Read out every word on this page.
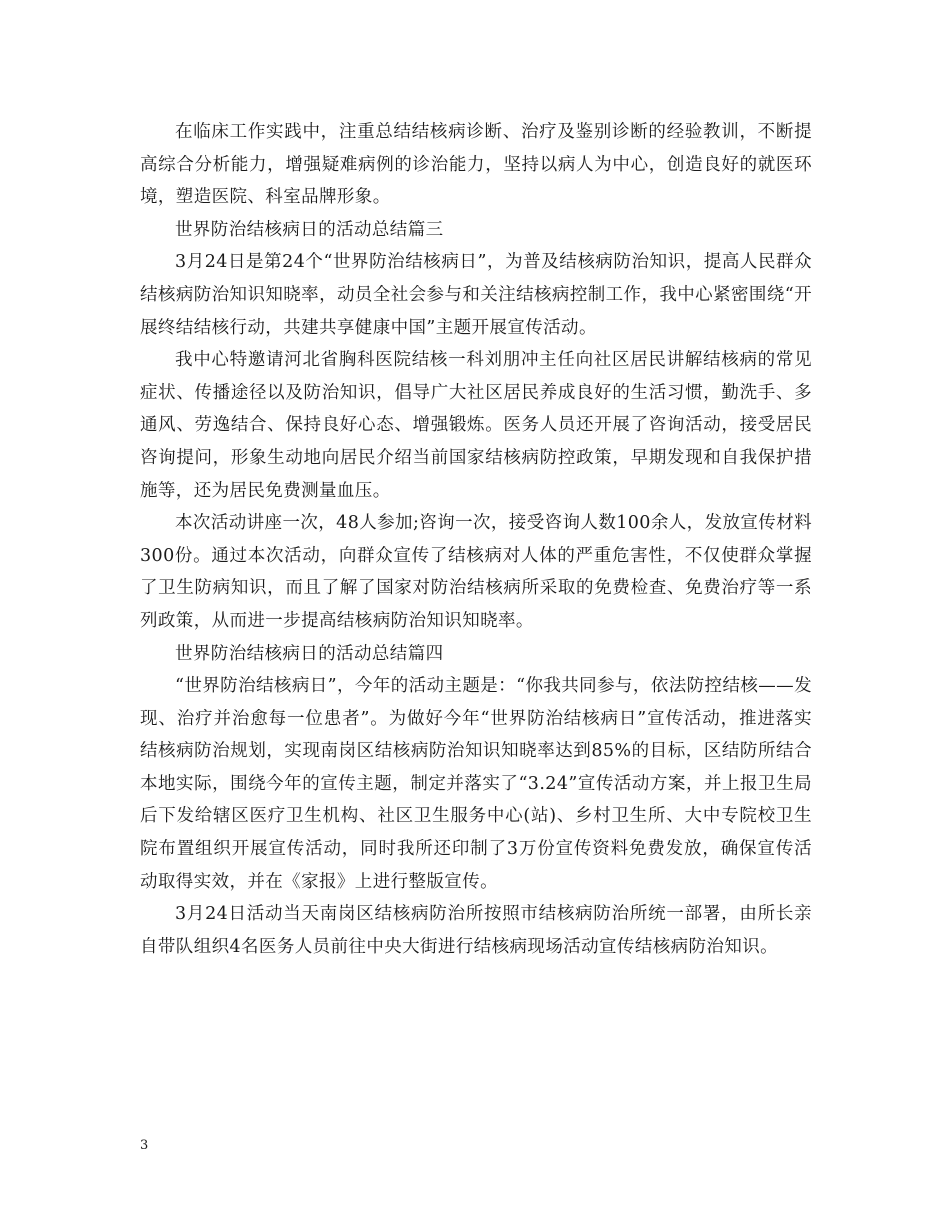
在临床工作实践中，注重总结结核病诊断、治疗及鉴别诊断的经验教训，不断提高综合分析能力，增强疑难病例的诊治能力，坚持以病人为中心，创造良好的就医环境，塑造医院、科室品牌形象。

世界防治结核病日的活动总结篇三

3月24日是第24个“世界防治结核病日”，为普及结核病防治知识，提高人民群众结核病防治知识知晓率，动员全社会参与和关注结核病控制工作，我中心紧密围绕“开展终结结核行动，共建共享健康中国”主题开展宣传活动。

我中心特邀请河北省胸科医院结核一科刘朋冲主任向社区居民讲解结核病的常见症状、传播途径以及防治知识，倡导广大社区居民养成良好的生活习惯，勤洗手、多通风、劳逸结合、保持良好心态、增强锻炼。医务人员还开展了咨询活动，接受居民咨询提问，形象生动地向居民介绍当前国家结核病防控政策，早期发现和自我保护措施等，还为居民免费测量血压。

本次活动讲座一次，48人参加;咨询一次，接受咨询人数100余人，发放宣传材料300份。通过本次活动，向群众宣传了结核病对人体的严重危害性，不仅使群众掌握了卫生防病知识，而且了解了国家对防治结核病所采取的免费检查、免费治疗等一系列政策，从而进一步提高结核病防治知识知晓率。

世界防治结核病日的活动总结篇四

“世界防治结核病日”，今年的活动主题是：“你我共同参与，依法防控结核——发现、治疗并治愈每一位患者”。为做好今年“世界防治结核病日”宣传活动，推进落实结核病防治规划，实现南岗区结核病防治知识知晓率达到85%的目标，区结防所结合本地实际，围绕今年的宣传主题，制定并落实了“3.24”宣传活动方案，并上报卫生局后下发给辖区医疗卫生机构、社区卫生服务中心(站)、乡村卫生所、大中专院校卫生院布置组织开展宣传活动，同时我所还印制了3万份宣传资料免费发放，确保宣传活动取得实效，并在《家报》上进行整版宣传。

3月24日活动当天南岗区结核病防治所按照市结核病防治所统一部署，由所长亲自带队组织4名医务人员前往中央大街进行结核病现场活动宣传结核病防治知识。

3
